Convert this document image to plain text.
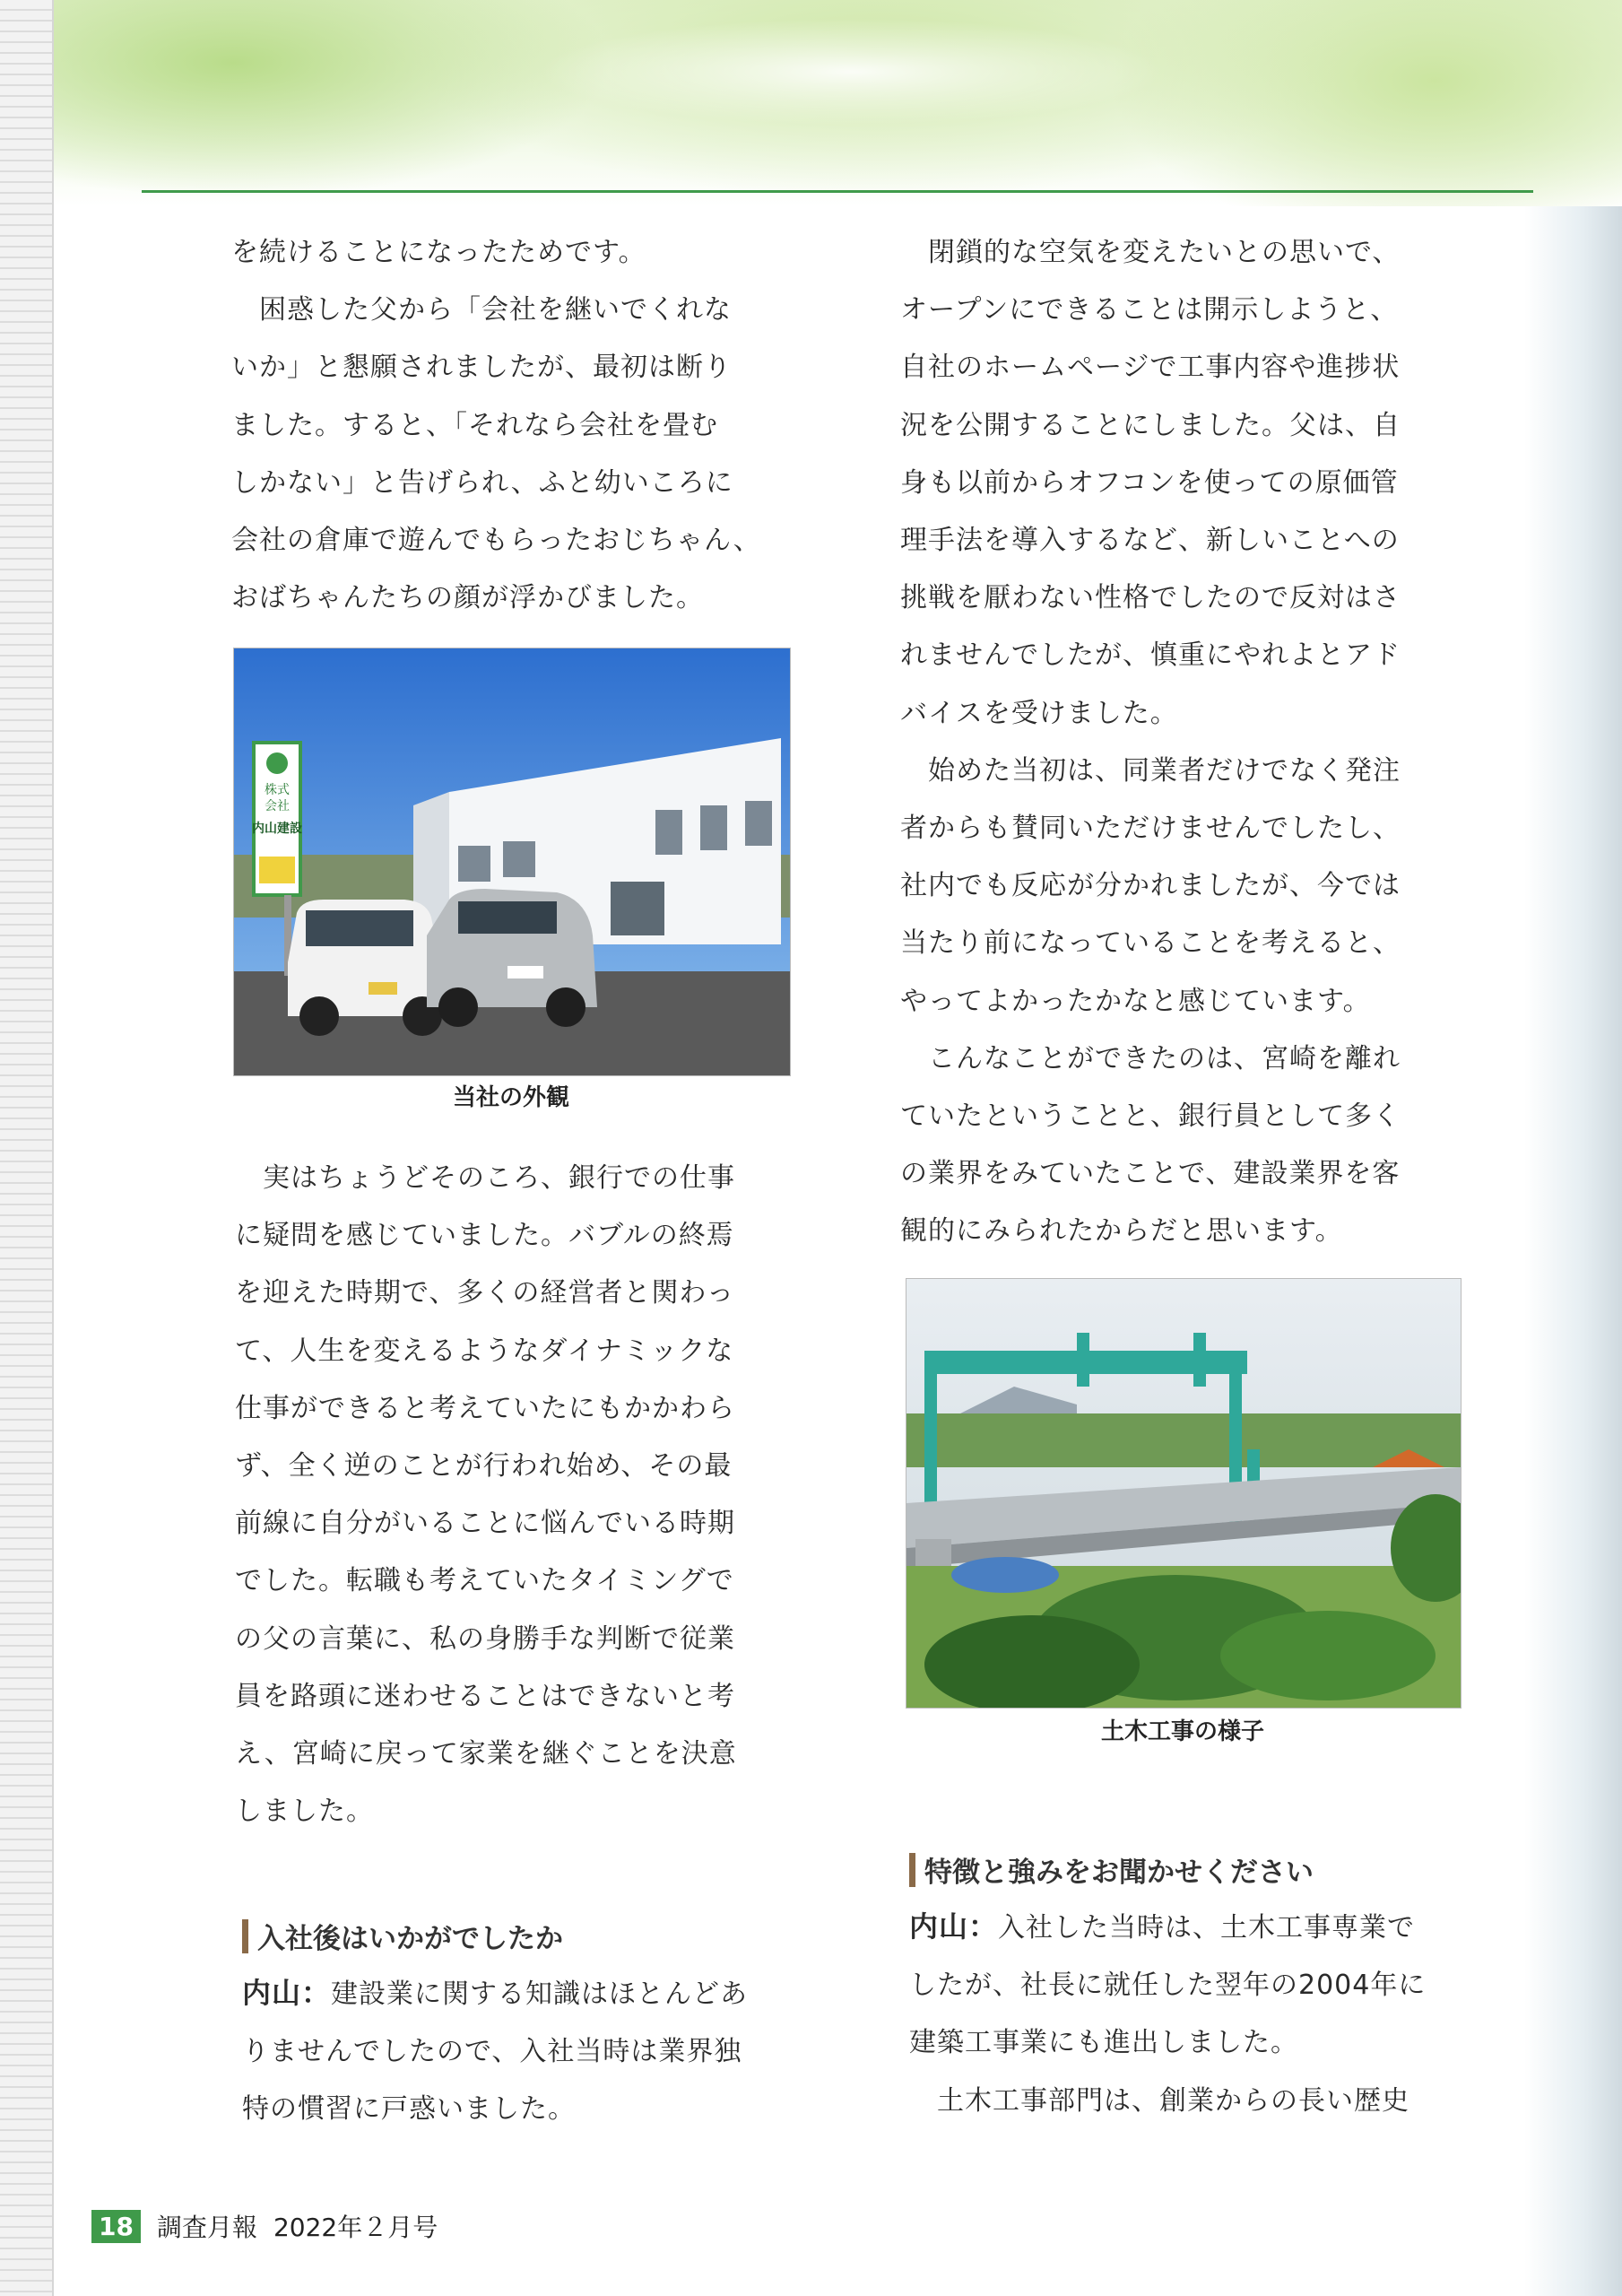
を続けることになったためです。

　困惑した父から「会社を継いでくれな

いか」と懇願されましたが、最初は断り

ました。すると、「それなら会社を畳む

しかない」と告げられ、ふと幼いころに

会社の倉庫で遊んでもらったおじちゃん、

おばちゃんたちの顔が浮かびました。

株式
会社
内山建設
当社の外観

　実はちょうどそのころ、銀行での仕事

に疑問を感じていました。バブルの終焉

を迎えた時期で、多くの経営者と関わっ

て、人生を変えるようなダイナミックな

仕事ができると考えていたにもかかわら

ず、全く逆のことが行われ始め、その最

前線に自分がいることに悩んでいる時期

でした。転職も考えていたタイミングで

の父の言葉に、私の身勝手な判断で従業

員を路頭に迷わせることはできないと考

え、宮崎に戻って家業を継ぐことを決意

しました。

入社後はいかがでしたか

内山：建設業に関する知識はほとんどあ

りませんでしたので、入社当時は業界独

特の慣習に戸惑いました。

　閉鎖的な空気を変えたいとの思いで、

オープンにできることは開示しようと、

自社のホームページで工事内容や進捗状

況を公開することにしました。父は、自

身も以前からオフコンを使っての原価管

理手法を導入するなど、新しいことへの

挑戦を厭わない性格でしたので反対はさ

れませんでしたが、慎重にやれよとアド

バイスを受けました。

　始めた当初は、同業者だけでなく発注

者からも賛同いただけませんでしたし、

社内でも反応が分かれましたが、今では

当たり前になっていることを考えると、

やってよかったかなと感じています。

　こんなことができたのは、宮崎を離れ

ていたということと、銀行員として多く

の業界をみていたことで、建設業界を客

観的にみられたからだと思います。

土木工事の様子
特徴と強みをお聞かせください

内山：入社した当時は、土木工事専業で

したが、社長に就任した翌年の2004年に

建築工事業にも進出しました。

　土木工事部門は、創業からの長い歴史

18 調査月報 2022年２月号
